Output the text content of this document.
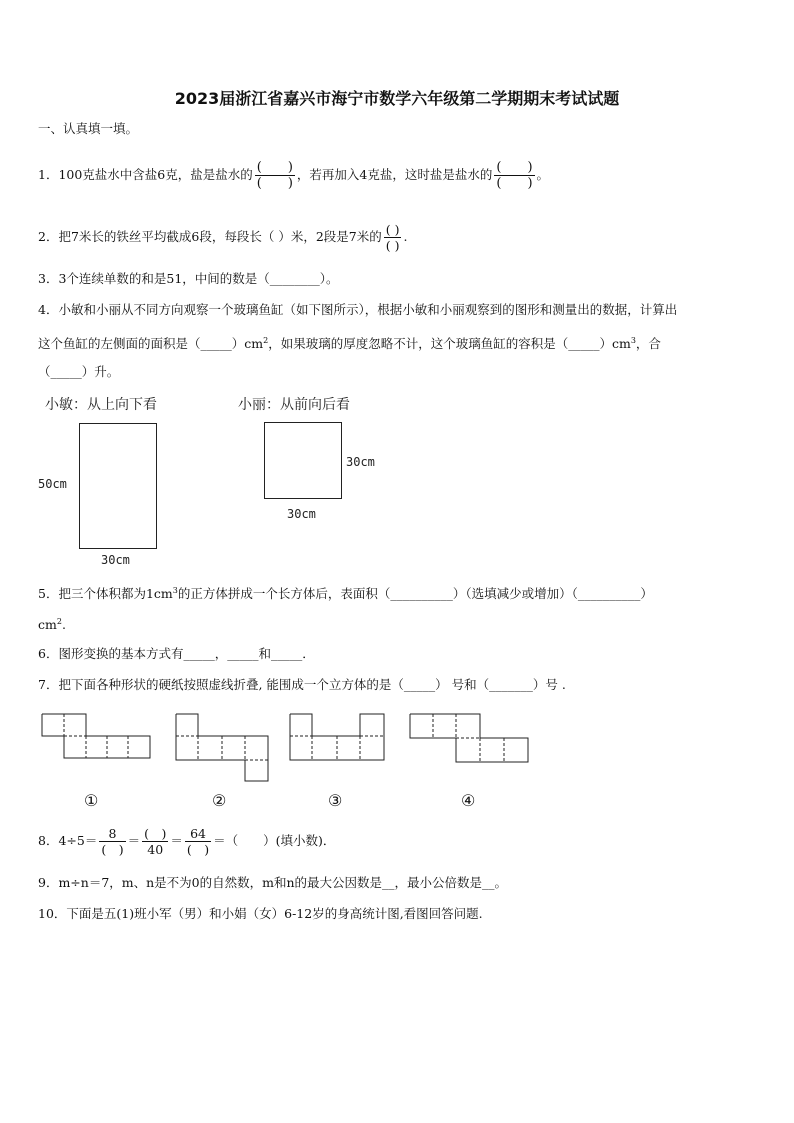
2023届浙江省嘉兴市海宁市数学六年级第二学期期末考试试题
一、认真填一填。
1．100克盐水中含盐6克，盐是盐水的 $\frac{( )}{( )}$ ，若再加入4克盐，这时盐是盐水的 $\frac{( )}{( )}$ 。
2．把7米长的铁丝平均截成6段，每段长（ ）米，2段是7米的 $\frac{( )}{( )}$ .
3．3个连续单数的和是51，中间的数是（________）。
4．小敏和小丽从不同方向观察一个玻璃鱼缸（如下图所示），根据小敏和小丽观察到的图形和测量出的数据，计算出
这个鱼缸的左侧面的面积是$(\_\_\_\_\_)cm^2$，如果玻璃的厚度忽略不计，这个玻璃鱼缸的容积是$(\_\_\_\_\_)cm^3$，合
（_____）升。
小敏：从上向下看	小丽：从前向后看
50cm
30cm
30cm
30cm
5．把三个体积都为$1cm^3$的正方体拼成一个长方体后，表面积（__________）（选填减少或增加）（__________）
$cm^2$.
6．图形变换的基本方式有_____，_____和_____．
7．把下面各种形状的硬纸按照虚线折叠, 能围成一个立方体的是（_____） 号和（_______）号 .
①	②	③	④
8．$4\div 5= \frac{8}{( )} = \frac{( )}{40} = \frac{64}{( )}$ ＝（　　）(填小数)．
9．m÷n＝7，m、n是不为0的自然数，m和n的最大公因数是__，最小公倍数是__。
10．下面是五(1)班小军（男）和小娟（女）6-12岁的身高统计图,看图回答问题.
